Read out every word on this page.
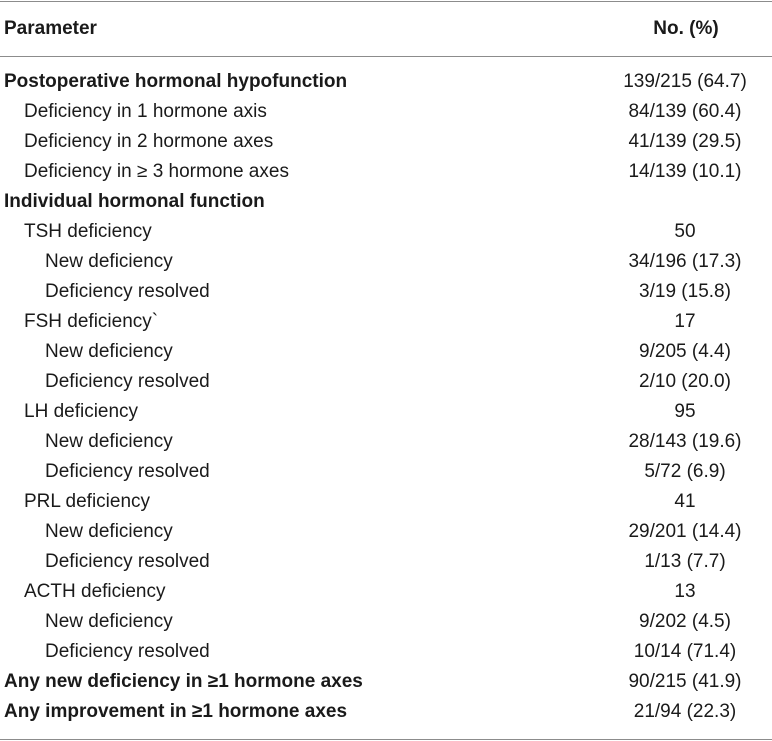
Parameter	No. (%)
Postoperative hormonal hypofunction	139/215 (64.7)
Deficiency in 1 hormone axis	84/139 (60.4)
Deficiency in 2 hormone axes	41/139 (29.5)
Deficiency in ≥ 3 hormone axes	14/139 (10.1)
Individual hormonal function
TSH deficiency	50
New deficiency	34/196 (17.3)
Deficiency resolved	3/19 (15.8)
FSH deficiency`	17
New deficiency	9/205 (4.4)
Deficiency resolved	2/10 (20.0)
LH deficiency	95
New deficiency	28/143 (19.6)
Deficiency resolved	5/72 (6.9)
PRL deficiency	41
New deficiency	29/201 (14.4)
Deficiency resolved	1/13 (7.7)
ACTH deficiency	13
New deficiency	9/202 (4.5)
Deficiency resolved	10/14 (71.4)
Any new deficiency in ≥1 hormone axes	90/215 (41.9)
Any improvement in ≥1 hormone axes	21/94 (22.3)
